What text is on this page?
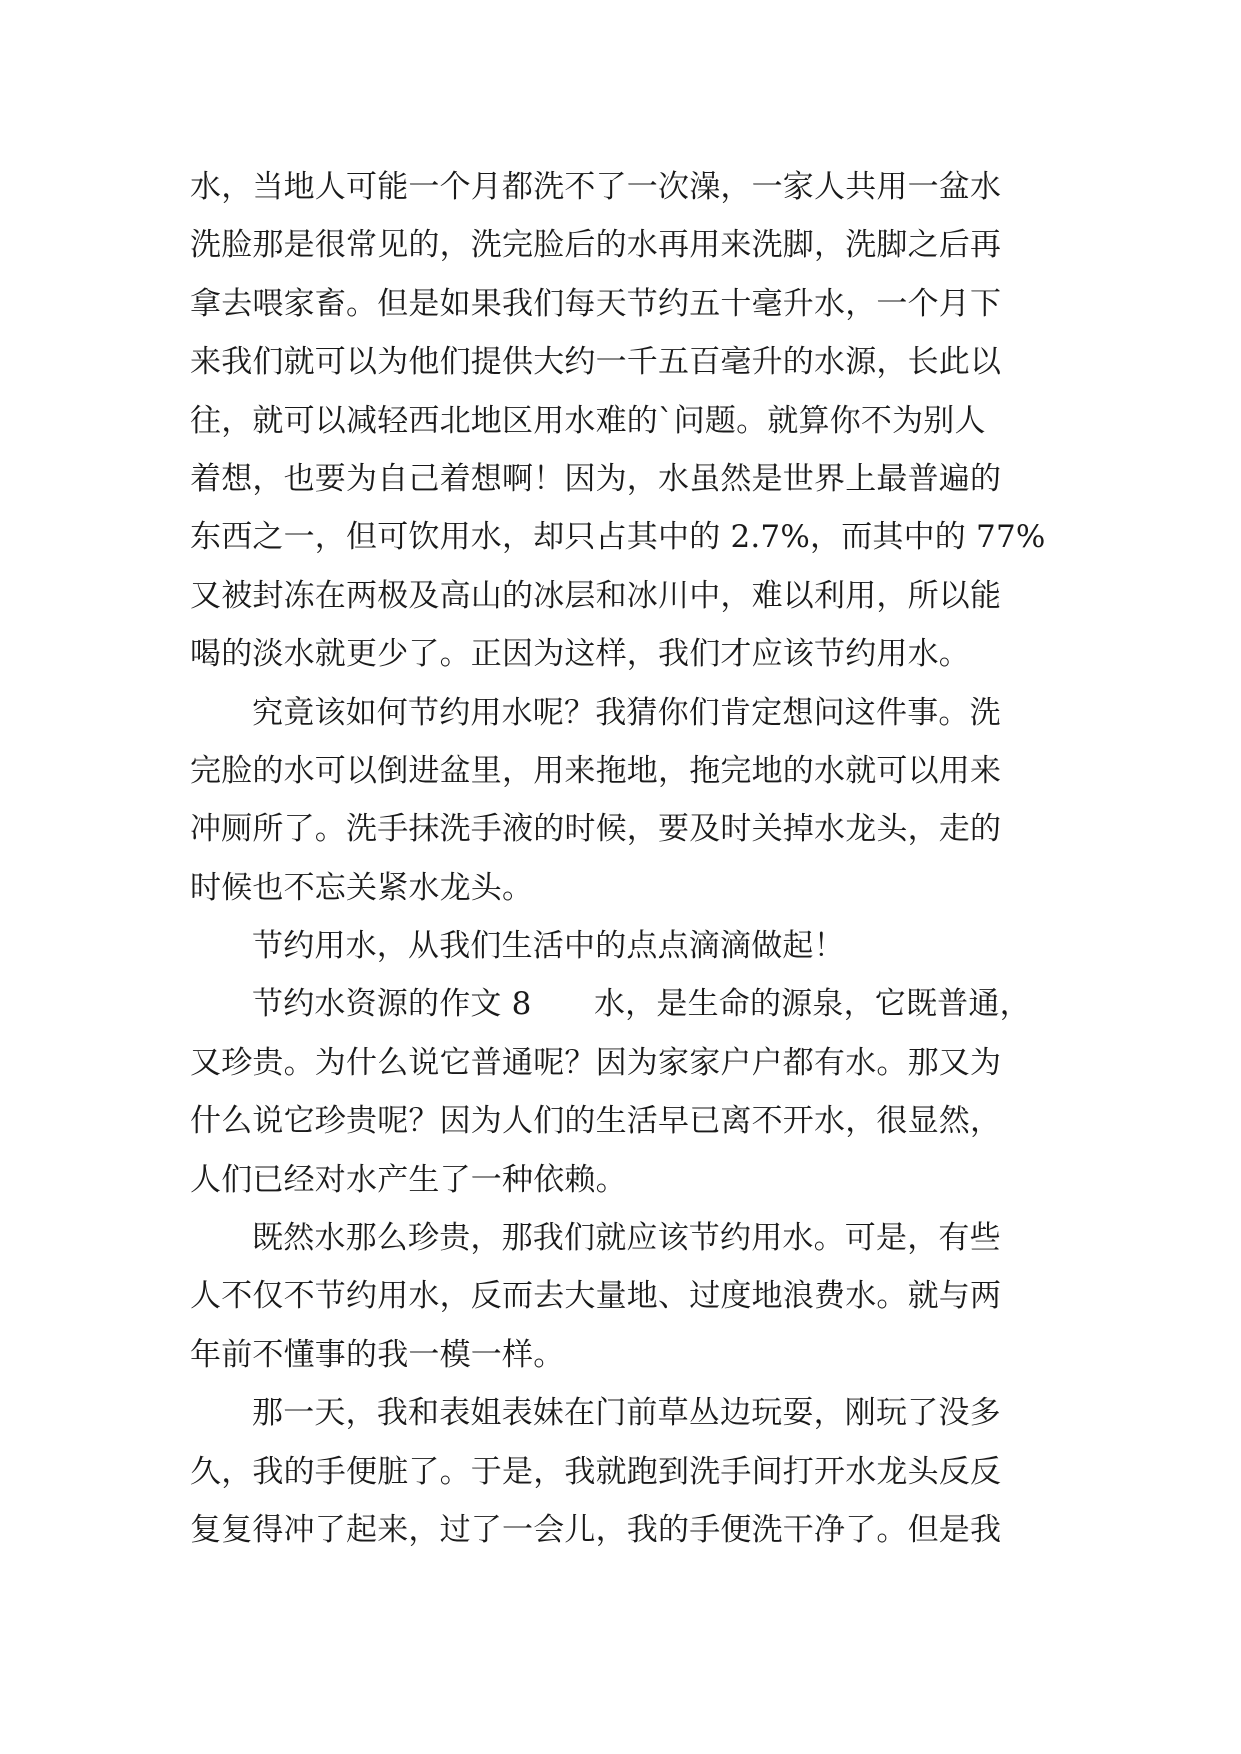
水，当地人可能一个月都洗不了一次澡，一家人共用一盆水
洗脸那是很常见的，洗完脸后的水再用来洗脚，洗脚之后再
拿去喂家畜。但是如果我们每天节约五十毫升水，一个月下
来我们就可以为他们提供大约一千五百毫升的水源，长此以
往，就可以减轻西北地区用水难的`问题。就算你不为别人
着想，也要为自己着想啊！因为，水虽然是世界上最普遍的
东西之一，但可饮用水，却只占其中的 2.7%，而其中的 77%
又被封冻在两极及高山的冰层和冰川中，难以利用，所以能
喝的淡水就更少了。正因为这样，我们才应该节约用水。
究竟该如何节约用水呢？我猜你们肯定想问这件事。洗
完脸的水可以倒进盆里，用来拖地，拖完地的水就可以用来
冲厕所了。洗手抹洗手液的时候，要及时关掉水龙头，走的
时候也不忘关紧水龙头。
节约用水，从我们生活中的点点滴滴做起！
节约水资源的作文 8　　水，是生命的源泉，它既普通，
又珍贵。为什么说它普通呢？因为家家户户都有水。那又为
什么说它珍贵呢？因为人们的生活早已离不开水，很显然，
人们已经对水产生了一种依赖。
既然水那么珍贵，那我们就应该节约用水。可是，有些
人不仅不节约用水，反而去大量地、过度地浪费水。就与两
年前不懂事的我一模一样。
那一天，我和表姐表妹在门前草丛边玩耍，刚玩了没多
久，我的手便脏了。于是，我就跑到洗手间打开水龙头反反
复复得冲了起来，过了一会儿，我的手便洗干净了。但是我
